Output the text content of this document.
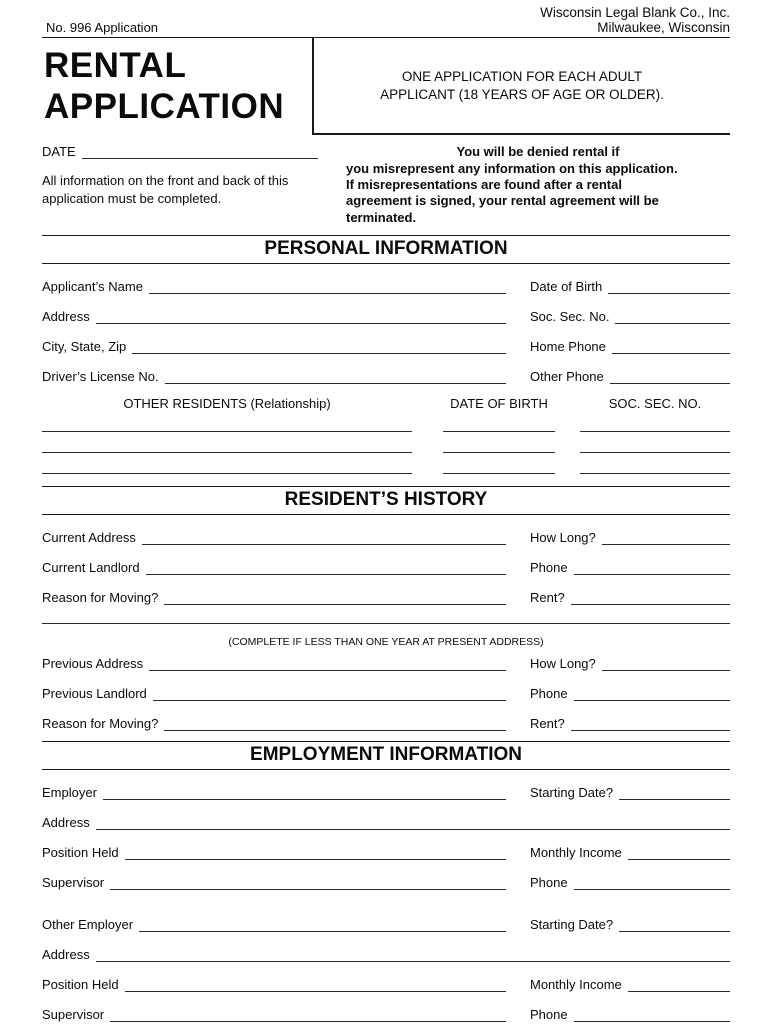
No. 996 Application
Wisconsin Legal Blank Co., Inc.
Milwaukee, Wisconsin
RENTAL
APPLICATION
ONE APPLICATION FOR EACH ADULT
APPLICANT (18 YEARS OF AGE OR OLDER).
DATE
All information on the front and back of this
application must be completed.
You will be denied rental if
you misrepresent any information on this application.
If misrepresentations are found after a rental
agreement is signed, your rental agreement will be
terminated.
PERSONAL INFORMATION
Applicant’s Name	Date of Birth
Address	Soc. Sec. No.
City, State, Zip	Home Phone
Driver’s License No.	Other Phone
OTHER RESIDENTS (Relationship)	DATE OF BIRTH	SOC. SEC. NO.
RESIDENT’S HISTORY
Current Address	How Long?
Current Landlord	Phone
Reason for Moving?	Rent?
(COMPLETE IF LESS THAN ONE YEAR AT PRESENT ADDRESS)
Previous Address	How Long?
Previous Landlord	Phone
Reason for Moving?	Rent?
EMPLOYMENT INFORMATION
Employer	Starting Date?
Address
Position Held	Monthly Income
Supervisor	Phone
Other Employer	Starting Date?
Address
Position Held	Monthly Income
Supervisor	Phone
